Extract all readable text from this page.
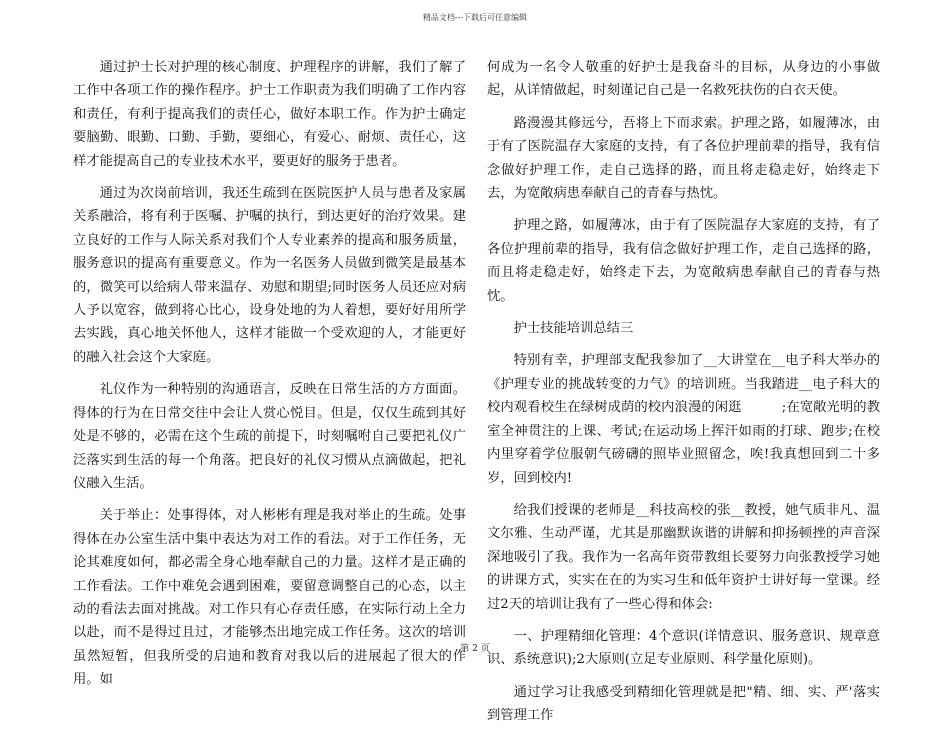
精品文档---下载后可任意编辑

通过护士长对护理的核心制度、护理程序的讲解，我们了解了工作中各项工作的操作程序。护士工作职责为我们明确了工作内容和责任，有利于提高我们的责任心，做好本职工作。作为护士确定要脑勤、眼勤、口勤、手勤，要细心，有爱心、耐烦、责任心，这样才能提高自己的专业技术水平，要更好的服务于患者。

通过为次岗前培训，我还生疏到在医院医护人员与患者及家属关系融洽，将有利于医嘱、护嘱的执行，到达更好的治疗效果。建立良好的工作与人际关系对我们个人专业素养的提高和服务质量，服务意识的提高有重要意义。作为一名医务人员做到微笑是最基本的，微笑可以给病人带来温存、劝慰和期望;同时医务人员还应对病人予以宽容，做到将心比心，设身处地的为人着想，要好好用所学去实践，真心地关怀他人，这样才能做一个受欢迎的人，才能更好的融入社会这个大家庭。

礼仪作为一种特别的沟通语言，反映在日常生活的方方面面。得体的行为在日常交往中会让人赏心悦目。但是，仅仅生疏到其好处是不够的，必需在这个生疏的前提下，时刻嘱咐自己要把礼仪广泛落实到生活的每一个角落。把良好的礼仪习惯从点滴做起，把礼仪融入生活。

关于举止：处事得体，对人彬彬有理是我对举止的生疏。处事得体在办公室生活中集中表达为对工作的看法。对于工作任务，无论其难度如何，都必需全身心地奉献自己的力量。这样才是正确的工作看法。工作中难免会遇到困难，要留意调整自己的心态，以主动的看法去面对挑战。对工作只有心存责任感，在实际行动上全力以赴，而不是得过且过，才能够杰出地完成工作任务。这次的培训虽然短暂，但我所受的启迪和教育对我以后的进展起了很大的作用。如

何成为一名令人敬重的好护士是我奋斗的目标，从身边的小事做起，从详情做起，时刻谨记自己是一名救死扶伤的白衣天使。

路漫漫其修远兮，吾将上下而求索。护理之路，如履薄冰，由于有了医院温存大家庭的支持，有了各位护理前辈的指导，我有信念做好护理工作，走自己选择的路，而且将走稳走好，始终走下去，为宽敞病患奉献自己的青春与热忱。

护理之路，如履薄冰，由于有了医院温存大家庭的支持，有了各位护理前辈的指导，我有信念做好护理工作，走自己选择的路，而且将走稳走好，始终走下去，为宽敞病患奉献自己的青春与热忱。

护士技能培训总结三

特别有幸，护理部支配我参加了__大讲堂在__电子科大举办的《护理专业的挑战转变的力气》的培训班。当我踏进__电子科大的校内观看校生在绿树成荫的校内浪漫的闲逛　　　;在宽敞光明的教室全神贯注的上课、考试;在运动场上挥汗如雨的打球、跑步;在校内里穿着学位服朝气磅礴的照毕业照留念，唉!我真想回到二十多岁，回到校内!

给我们授课的老师是__科技高校的张__教授，她气质非凡、温文尔雅、生动严谨，尤其是那幽默诙谐的讲解和抑扬顿挫的声音深深地吸引了我。我作为一名高年资带教组长要努力向张教授学习她的讲课方式，实实在在的为实习生和低年资护士讲好每一堂课。经过2天的培训让我有了一些心得和体会:

一、护理精细化管理：4个意识(详情意识、服务意识、规章意识、系统意识);2大原则(立足专业原则、科学量化原则)。

通过学习让我感受到精细化管理就是把"精、细、实、严'落实到管理工作

第 2 页
